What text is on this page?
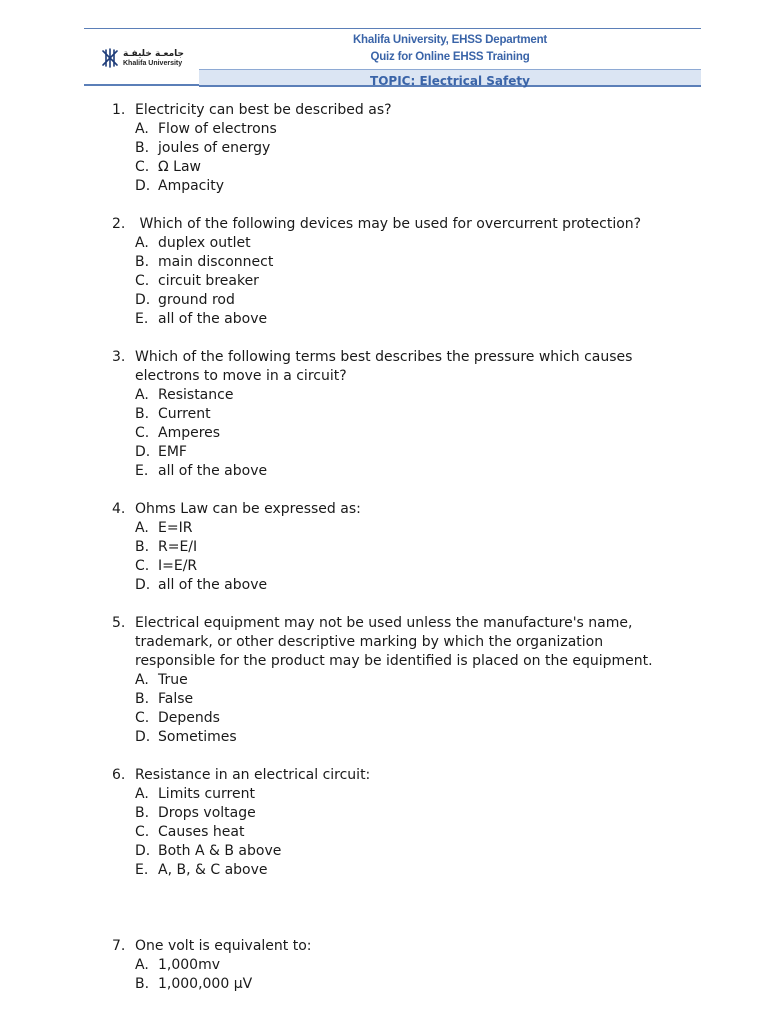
جامعـة خليفـة
Khalifa University
Khalifa University, EHSS Department
Quiz for Online EHSS Training
TOPIC: Electrical Safety
1. Electricity can best be described as?
A. Flow of electrons
B. joules of energy
C. Ω Law
D. Ampacity
2. Which of the following devices may be used for overcurrent protection?
A. duplex outlet
B. main disconnect
C. circuit breaker
D. ground rod
E. all of the above
3. Which of the following terms best describes the pressure which causes electrons to move in a circuit?
A. Resistance
B. Current
C. Amperes
D. EMF
E. all of the above
4. Ohms Law can be expressed as:
A. E=IR
B. R=E/I
C. I=E/R
D. all of the above
5. Electrical equipment may not be used unless the manufacture's name, trademark, or other descriptive marking by which the organization responsible for the product may be identified is placed on the equipment.
A. True
B. False
C. Depends
D. Sometimes
6. Resistance in an electrical circuit:
A. Limits current
B. Drops voltage
C. Causes heat
D. Both A & B above
E. A, B, & C above
7. One volt is equivalent to:
A. 1,000mv
B. 1,000,000 µV
